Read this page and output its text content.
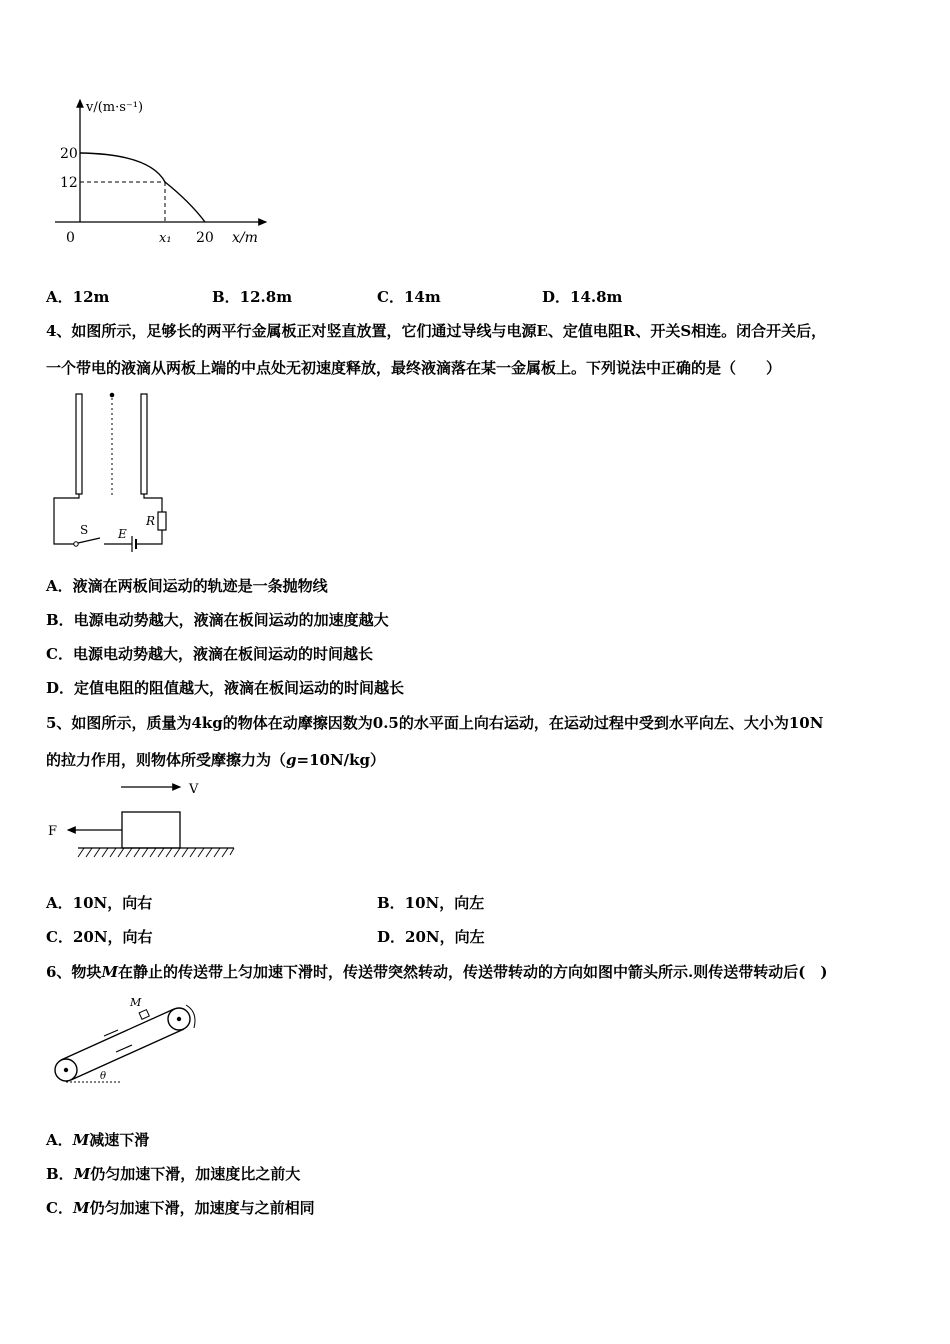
v/(m·s⁻¹)
20
12
0	x₁ 20 x/m
A．12m	B．12.8m	C．14m	D．14.8m
4、如图所示，足够长的两平行金属板正对竖直放置，它们通过导线与电源E、定值电阻R、开关S相连。闭合开关后，
一个带电的液滴从两板上端的中点处无初速度释放，最终液滴落在某一金属板上。下列说法中正确的是（　　）
S E
R
A．液滴在两板间运动的轨迹是一条抛物线
B．电源电动势越大，液滴在板间运动的加速度越大
C．电源电动势越大，液滴在板间运动的时间越长
D．定值电阻的阻值越大，液滴在板间运动的时间越长
5、如图所示，质量为4kg的物体在动摩擦因数为0.5的水平面上向右运动，在运动过程中受到水平向左、大小为10N
的拉力作用，则物体所受摩擦力为（g=10N/kg）
V
F
A．10N，向右	B．10N，向左
C．20N，向右	D．20N，向左
6、物块M在静止的传送带上匀加速下滑时，传送带突然转动，传送带转动的方向如图中箭头所示.则传送带转动后(　)
M
θ
A．M减速下滑
B．M仍匀加速下滑，加速度比之前大
C．M仍匀加速下滑，加速度与之前相同
